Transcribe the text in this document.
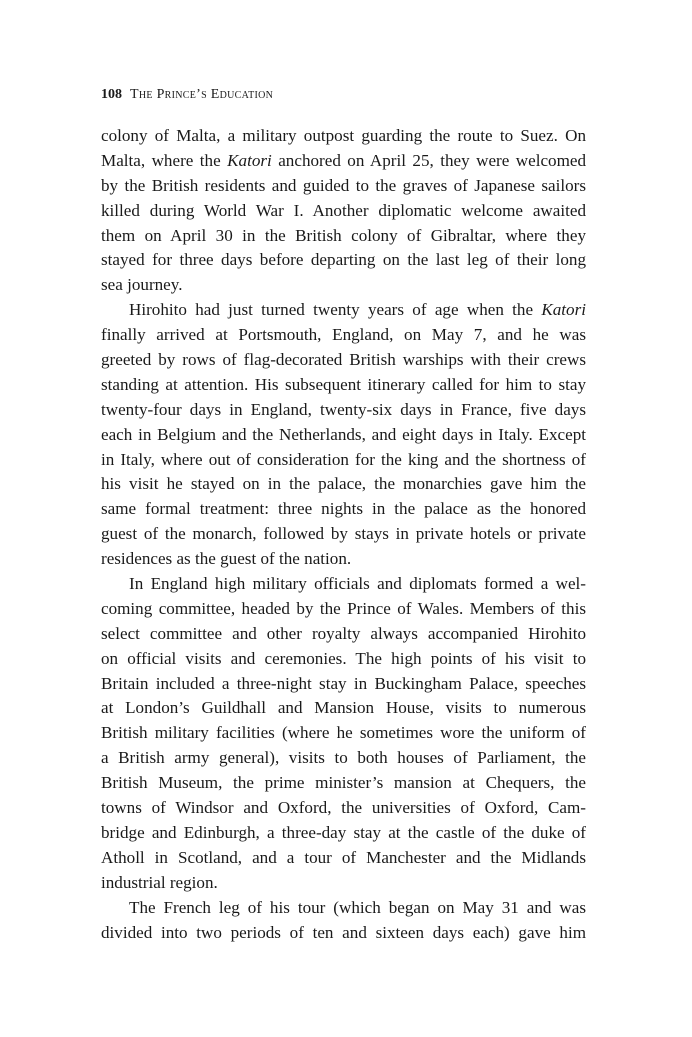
108 The Prince’s Education
colony of Malta, a military outpost guarding the route to Suez. On
Malta, where the Katori anchored on April 25, they were welcomed
by the British residents and guided to the graves of Japanese sailors
killed during World War I. Another diplomatic welcome awaited
them on April 30 in the British colony of Gibraltar, where they
stayed for three days before departing on the last leg of their long
sea journey.
Hirohito had just turned twenty years of age when the Katori
finally arrived at Portsmouth, England, on May 7, and he was
greeted by rows of flag-decorated British warships with their crews
standing at attention. His subsequent itinerary called for him to stay
twenty-four days in England, twenty-six days in France, five days
each in Belgium and the Netherlands, and eight days in Italy. Except
in Italy, where out of consideration for the king and the shortness of
his visit he stayed on in the palace, the monarchies gave him the
same formal treatment: three nights in the palace as the honored
guest of the monarch, followed by stays in private hotels or private
residences as the guest of the nation.
In England high military officials and diplomats formed a wel-
coming committee, headed by the Prince of Wales. Members of this
select committee and other royalty always accompanied Hirohito
on official visits and ceremonies. The high points of his visit to
Britain included a three-night stay in Buckingham Palace, speeches
at London’s Guildhall and Mansion House, visits to numerous
British military facilities (where he sometimes wore the uniform of
a British army general), visits to both houses of Parliament, the
British Museum, the prime minister’s mansion at Chequers, the
towns of Windsor and Oxford, the universities of Oxford, Cam-
bridge and Edinburgh, a three-day stay at the castle of the duke of
Atholl in Scotland, and a tour of Manchester and the Midlands
industrial region.
The French leg of his tour (which began on May 31 and was
divided into two periods of ten and sixteen days each) gave him
